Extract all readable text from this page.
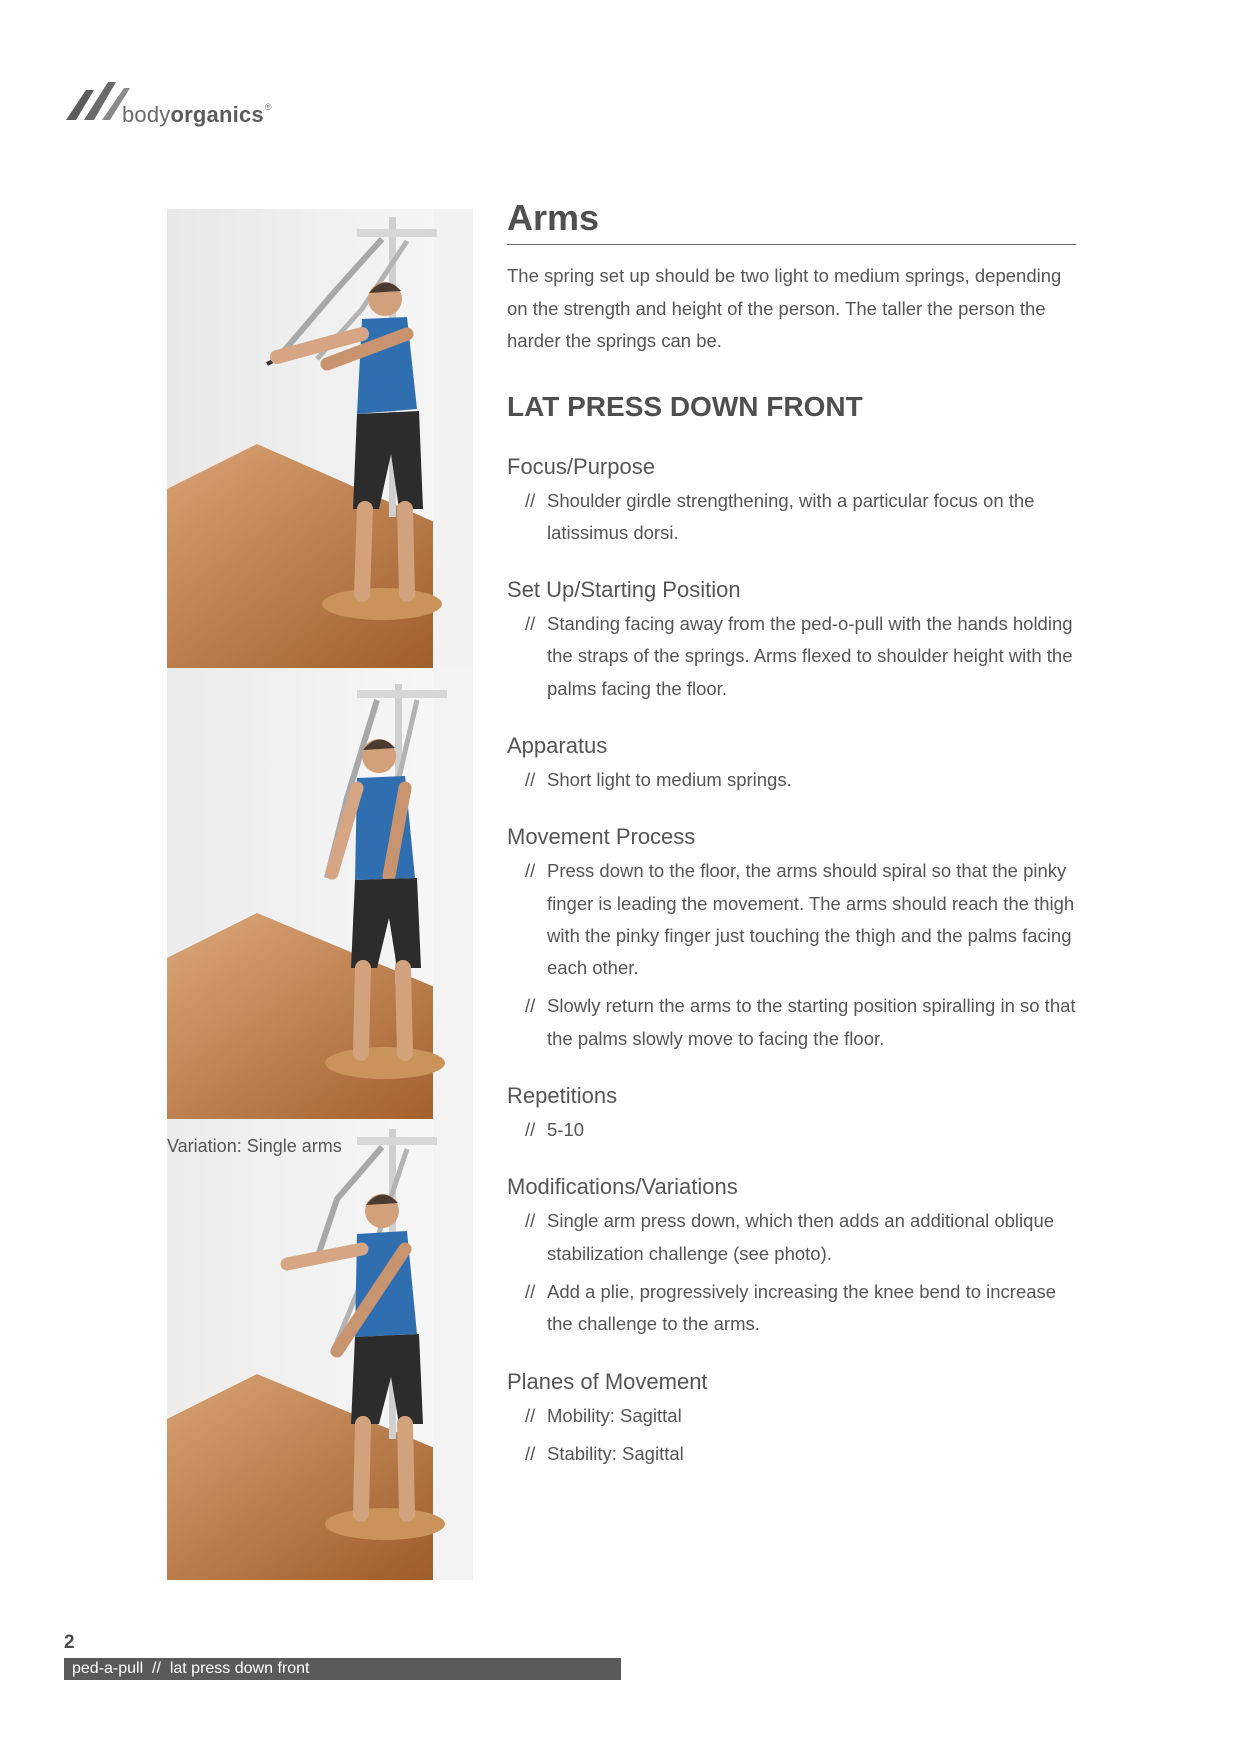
bodyorganics®
Variation: Single arms
Arms

The spring set up should be two light to medium springs, depending on the strength and height of the person. The taller the person the harder the springs can be.

LAT PRESS DOWN FRONT
Focus/Purpose
// Shoulder girdle strengthening, with a particular focus on the latissimus dorsi.
Set Up/Starting Position
// Standing facing away from the ped-o-pull with the hands holding the straps of the springs. Arms flexed to shoulder height with the palms facing the floor.
Apparatus
// Short light to medium springs.
Movement Process
// Press down to the floor, the arms should spiral so that the pinky finger is leading the movement. The arms should reach the thigh with the pinky finger just touching the thigh and the palms facing each other.
// Slowly return the arms to the starting position spiralling in so that the palms slowly move to facing the floor.
Repetitions
// 5-10
Modifications/Variations
// Single arm press down, which then adds an additional oblique stabilization challenge (see photo).
// Add a plie, progressively increasing the knee bend to increase the challenge to the arms.
Planes of Movement
// Mobility: Sagittal
// Stability: Sagittal
2
ped-a-pull  //  lat press down front
